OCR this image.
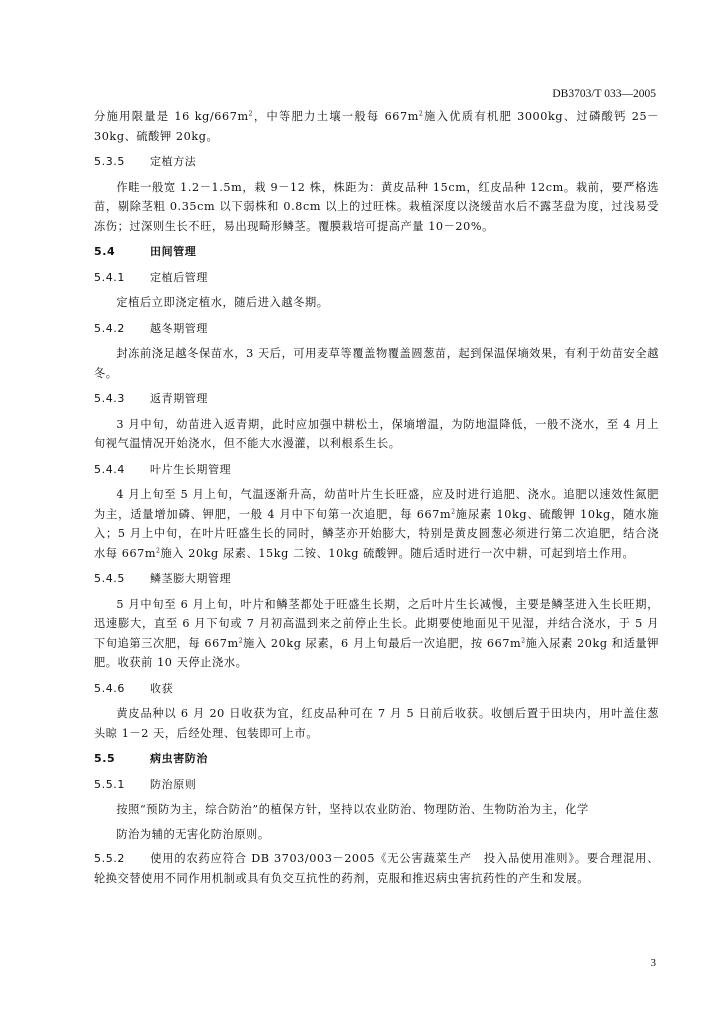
DB3703/T 033—2005

分施用限量是 16 $kg/667m^2$，中等肥力土壤一般每 $667m^2$施入优质有机肥 3000kg、过磷酸钙 25－30kg、硫酸钾 20kg。

5.3.5 定植方法

作畦一般宽 1.2－1.5m，栽 9－12 株，株距为：黄皮品种 15cm，红皮品种 12cm。栽前，要严格选苗，剔除茎粗 0.35cm 以下弱株和 0.8cm 以上的过旺株。栽植深度以浇缓苗水后不露茎盘为度，过浅易受冻伤；过深则生长不旺，易出现畸形鳞茎。覆膜栽培可提高产量 10－20%。

5.4	田间管理
5.4.1 定植后管理

定植后立即浇定植水，随后进入越冬期。

5.4.2 越冬期管理

封冻前浇足越冬保苗水，3 天后，可用麦草等覆盖物覆盖圆葱苗，起到保温保墒效果，有利于幼苗安全越冬。

5.4.3 返青期管理

3 月中旬，幼苗进入返青期，此时应加强中耕松土，保墒增温，为防地温降低，一般不浇水，至 4 月上旬视气温情况开始浇水，但不能大水漫灌，以利根系生长。

5.4.4 叶片生长期管理

4 月上旬至 5 月上旬，气温逐渐升高，幼苗叶片生长旺盛，应及时进行追肥、浇水。追肥以速效性氮肥为主，适量增加磷、钾肥，一般 4 月中下旬第一次追肥，每 $667m^2$施尿素 10kg、硫酸钾 10kg，随水施入；5 月上中旬，在叶片旺盛生长的同时，鳞茎亦开始膨大，特别是黄皮圆葱必须进行第二次追肥，结合浇水每 $667m^2$施入 20kg 尿素、15kg 二铵、10kg 硫酸钾。随后适时进行一次中耕，可起到培土作用。

5.4.5 鳞茎膨大期管理

5 月中旬至 6 月上旬，叶片和鳞茎都处于旺盛生长期，之后叶片生长减慢，主要是鳞茎进入生长旺期，迅速膨大，直至 6 月下旬或 7 月初高温到来之前停止生长。此期要使地面见干见湿，并结合浇水，于 5 月下旬追第三次肥，每 $667m^2$施入 20kg 尿素，6 月上旬最后一次追肥，按 $667m^2$施入尿素 20kg 和适量钾肥。收获前 10 天停止浇水。

5.4.6 收获

黄皮品种以 6 月 20 日收获为宜，红皮品种可在 7 月 5 日前后收获。收刨后置于田块内，用叶盖住葱头晾 1－2 天，后经处理、包装即可上市。

5.5	病虫害防治
5.5.1 防治原则

按照“预防为主，综合防治”的植保方针，坚持以农业防治、物理防治、生物防治为主，化学

防治为辅的无害化防治原则。

5.5.2 使用的农药应符合 DB 3703/003－2005《无公害蔬菜生产　投入品使用准则》。要合理混用、轮换交替使用不同作用机制或具有负交互抗性的药剂，克服和推迟病虫害抗药性的产生和发展。

3
